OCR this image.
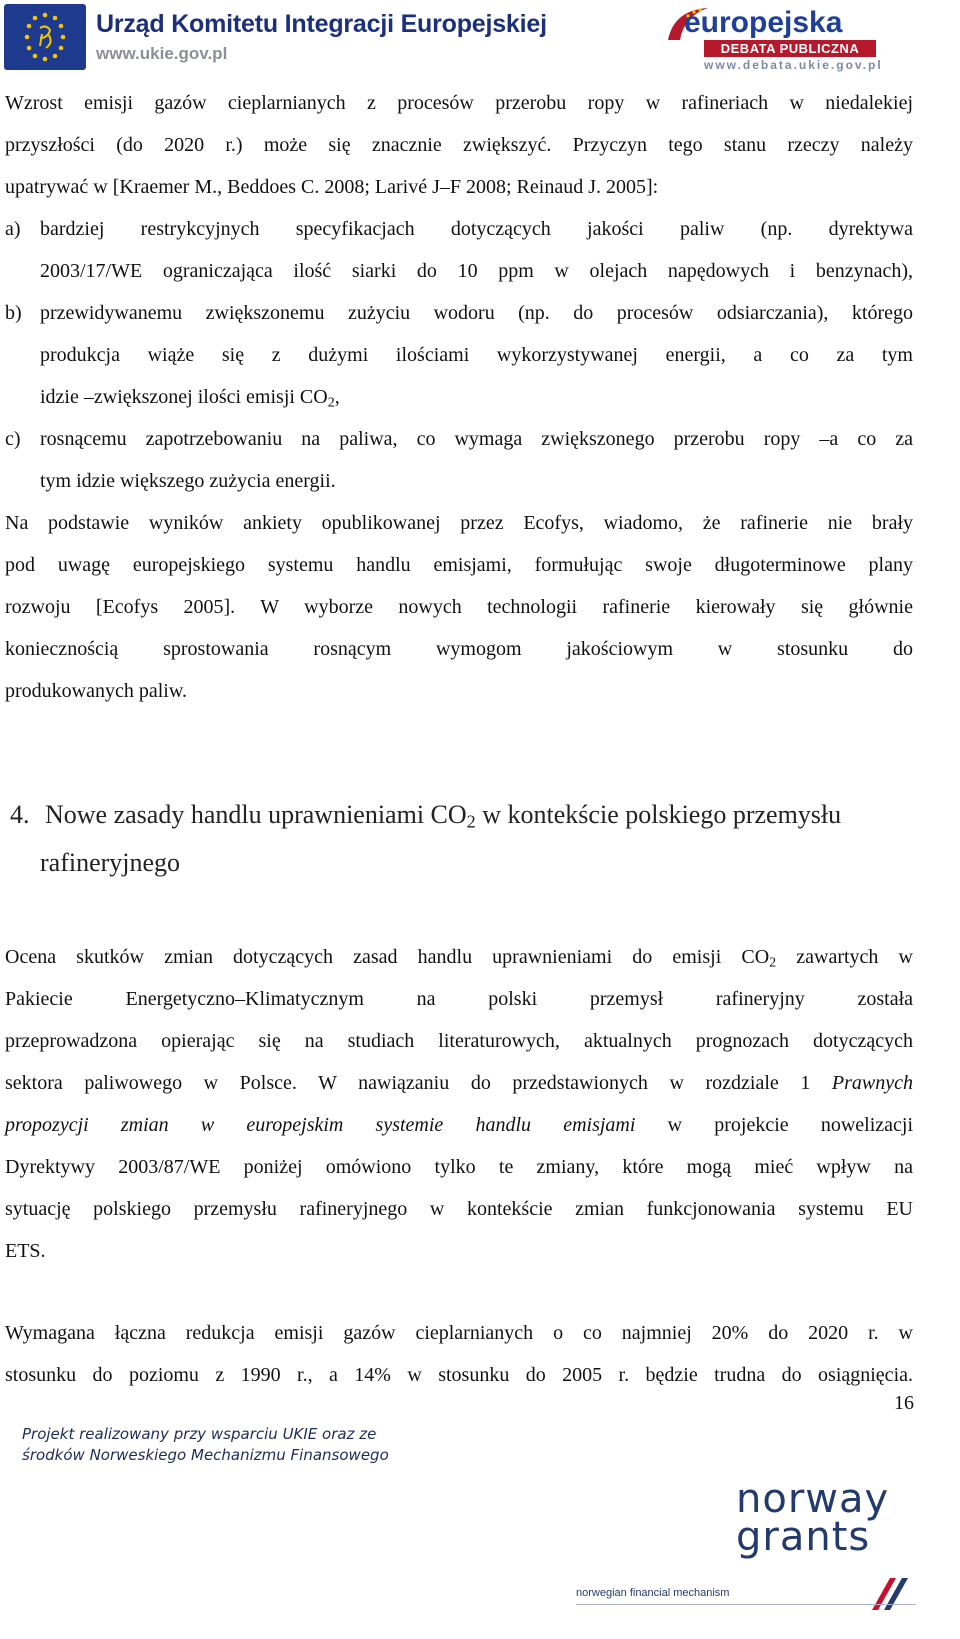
Urząd Komitetu Integracji Europejskiej
www.ukie.gov.pl
europejska
DEBATA PUBLICZNA
www.debata.ukie.gov.pl
Wzrost emisji gazów cieplarnianych z procesów przerobu ropy w rafineriach w niedalekiej
przyszłości (do 2020 r.) może się znacznie zwiększyć. Przyczyn tego stanu rzeczy należy
upatrywać w [Kraemer M., Beddoes C. 2008; Larivé J–F 2008; Reinaud J. 2005]:
a) bardziej restrykcyjnych specyfikacjach dotyczących jakości paliw (np. dyrektywa
2003/17/WE ograniczająca ilość siarki do 10 ppm w olejach napędowych i benzynach),
b) przewidywanemu zwiększonemu zużyciu wodoru (np. do procesów odsiarczania), którego
produkcja wiąże się z dużymi ilościami wykorzystywanej energii, a co za tym
idzie –zwiększonej ilości emisji $CO_2$,
c) rosnącemu zapotrzebowaniu na paliwa, co wymaga zwiększonego przerobu ropy –a co za
tym idzie większego zużycia energii.
Na podstawie wyników ankiety opublikowanej przez Ecofys, wiadomo, że rafinerie nie brały
pod uwagę europejskiego systemu handlu emisjami, formułując swoje długoterminowe plany
rozwoju [Ecofys 2005]. W wyborze nowych technologii rafinerie kierowały się głównie
koniecznością sprostowania rosnącym wymogom jakościowym w stosunku do
produkowanych paliw.
4. Nowe zasady handlu uprawnieniami $CO_2$ w kontekście polskiego przemysłu
rafineryjnego
Ocena skutków zmian dotyczących zasad handlu uprawnieniami do emisji $CO_2$ zawartych w
Pakiecie Energetyczno–Klimatycznym na polski przemysł rafineryjny została
przeprowadzona opierając się na studiach literaturowych, aktualnych prognozach dotyczących
sektora paliwowego w Polsce. W nawiązaniu do przedstawionych w rozdziale 1 Prawnych
propozycji zmian w europejskim systemie handlu emisjami w projekcie nowelizacji
Dyrektywy 2003/87/WE poniżej omówiono tylko te zmiany, które mogą mieć wpływ na
sytuację polskiego przemysłu rafineryjnego w kontekście zmian funkcjonowania systemu EU
ETS.
Wymagana łączna redukcja emisji gazów cieplarnianych o co najmniej 20% do 2020 r. w
stosunku do poziomu z 1990 r., a 14% w stosunku do 2005 r. będzie trudna do osiągnięcia.
16
Projekt realizowany przy wsparciu UKIE oraz ze
środków Norweskiego Mechanizmu Finansowego
norway
grants
norwegian financial mechanism
